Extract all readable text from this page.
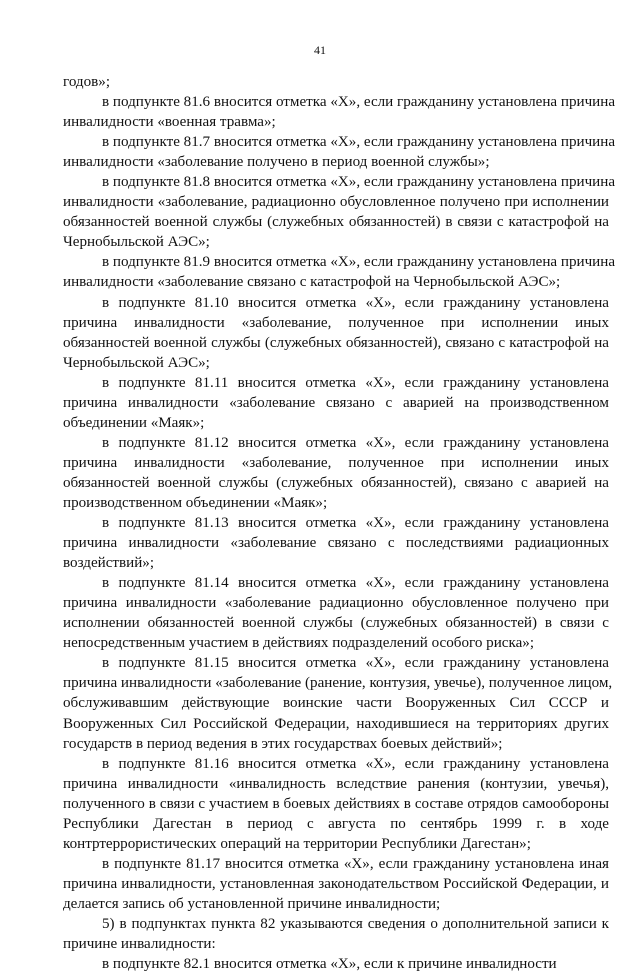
41
годов»;
в подпункте 81.6 вносится отметка «Х», если гражданину установлена причина
инвалидности «военная травма»;
в подпункте 81.7 вносится отметка «Х», если гражданину установлена причина
инвалидности «заболевание получено в период военной службы»;
в подпункте 81.8 вносится отметка «Х», если гражданину установлена причина
инвалидности «заболевание, радиационно обусловленное получено при исполнении
обязанностей военной службы (служебных обязанностей) в связи с катастрофой на
Чернобыльской АЭС»;
в подпункте 81.9 вносится отметка «Х», если гражданину установлена причина
инвалидности «заболевание связано с катастрофой на Чернобыльской АЭС»;
в подпункте 81.10 вносится отметка «Х», если гражданину установлена
причина инвалидности «заболевание, полученное при исполнении иных
обязанностей военной службы (служебных обязанностей), связано с катастрофой на
Чернобыльской АЭС»;
в подпункте 81.11 вносится отметка «Х», если гражданину установлена
причина инвалидности «заболевание связано с аварией на производственном
объединении «Маяк»;
в подпункте 81.12 вносится отметка «Х», если гражданину установлена
причина инвалидности «заболевание, полученное при исполнении иных
обязанностей военной службы (служебных обязанностей), связано с аварией на
производственном объединении «Маяк»;
в подпункте 81.13 вносится отметка «Х», если гражданину установлена
причина инвалидности «заболевание связано с последствиями радиационных
воздействий»;
в подпункте 81.14 вносится отметка «Х», если гражданину установлена
причина инвалидности «заболевание радиационно обусловленное получено при
исполнении обязанностей военной службы (служебных обязанностей) в связи с
непосредственным участием в действиях подразделений особого риска»;
в подпункте 81.15 вносится отметка «Х», если гражданину установлена
причина инвалидности «заболевание (ранение, контузия, увечье), полученное лицом,
обслуживавшим действующие воинские части Вооруженных Сил СССР и
Вооруженных Сил Российской Федерации, находившиеся на территориях других
государств в период ведения в этих государствах боевых действий»;
в подпункте 81.16 вносится отметка «Х», если гражданину установлена
причина инвалидности «инвалидность вследствие ранения (контузии, увечья),
полученного в связи с участием в боевых действиях в составе отрядов самообороны
Республики Дагестан в период с августа по сентябрь 1999 г. в ходе
контртеррористических операций на территории Республики Дагестан»;
в подпункте 81.17 вносится отметка «Х», если гражданину установлена иная
причина инвалидности, установленная законодательством Российской Федерации, и
делается запись об установленной причине инвалидности;
5) в подпунктах пункта 82 указываются сведения о дополнительной записи к
причине инвалидности:
в подпункте 82.1 вносится отметка «Х», если к причине инвалидности
